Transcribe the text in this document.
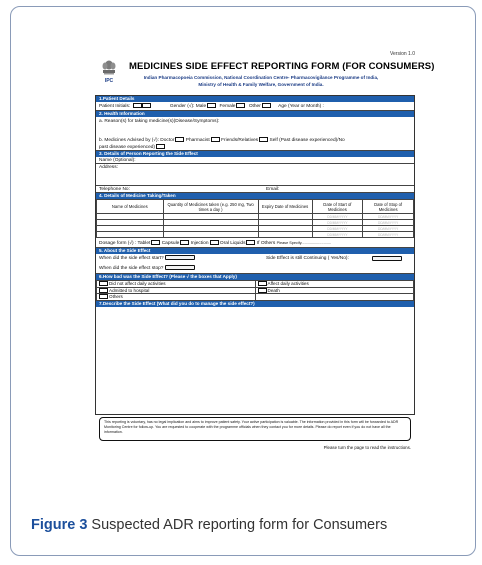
Version 1.0
IPC
MEDICINES SIDE EFFECT REPORTING FORM (FOR CONSUMERS)
Indian Pharmacopoeia Commission, National Coordination Centre- Pharmacovigilance Programme of India,
Ministry of Health & Family Welfare, Government of India.
1.Patient Details
Patient Initials:	Gender (√): Male	Female	Other	Age (Year or Month) :
2. Health Information
a. Reason(s) for taking medicine(s)(Disease/Symptoms):
b. Medicines Advised by (√): Doctor Pharmacist Friends/Relatives Self (Past disease experienced)/No
past disease experienced)
3. Details of Person Reporting the Side Effect
Name (Optional):
Address:
Telephone No:	Email:
4. Details of Medicine Taking/Taken
Name of Medicines	Quantity of Medicines taken (e.g. 250 mg, Two times a day )	Expiry Date of Medicines	Date of Start of Medicines	Date of Stop of Medicines
			DD/MM/YYYY	DD/MM/YYYY
			DD/MM/YYYY	DD/MM/YYYY
			DD/MM/YYYY	DD/MM/YYYY
			DD/MM/YYYY	DD/MM/YYYY
Dosage form (√) : Tablet Capsule Injection Oral Liquids If Others Please Specify............................
5. About the Side Effect
When did the side effect start?	Side Effect is still Continuing ( Yes/No):
When did the side effect stop?
6.How bad was the Side Effect? (Please √ the boxes that Apply)
Did not affect daily activities	Affect daily activities
Admitted to hospital	Death
Others	
7.Describe the Side Effect (What did you do to manage the side effect?)
This reporting is voluntary, has no legal implication and aims to improve patient safety. Your active participation is valuable. The information provided in this form will be forwarded to ADR Monitoring Centre for follow-up. You are requested to cooperate with the programme officials when they contact you for more details. Please do report even if you do not have all the information.
Please turn the page to read the instructions.
Figure 3 Suspected ADR reporting form for Consumers
